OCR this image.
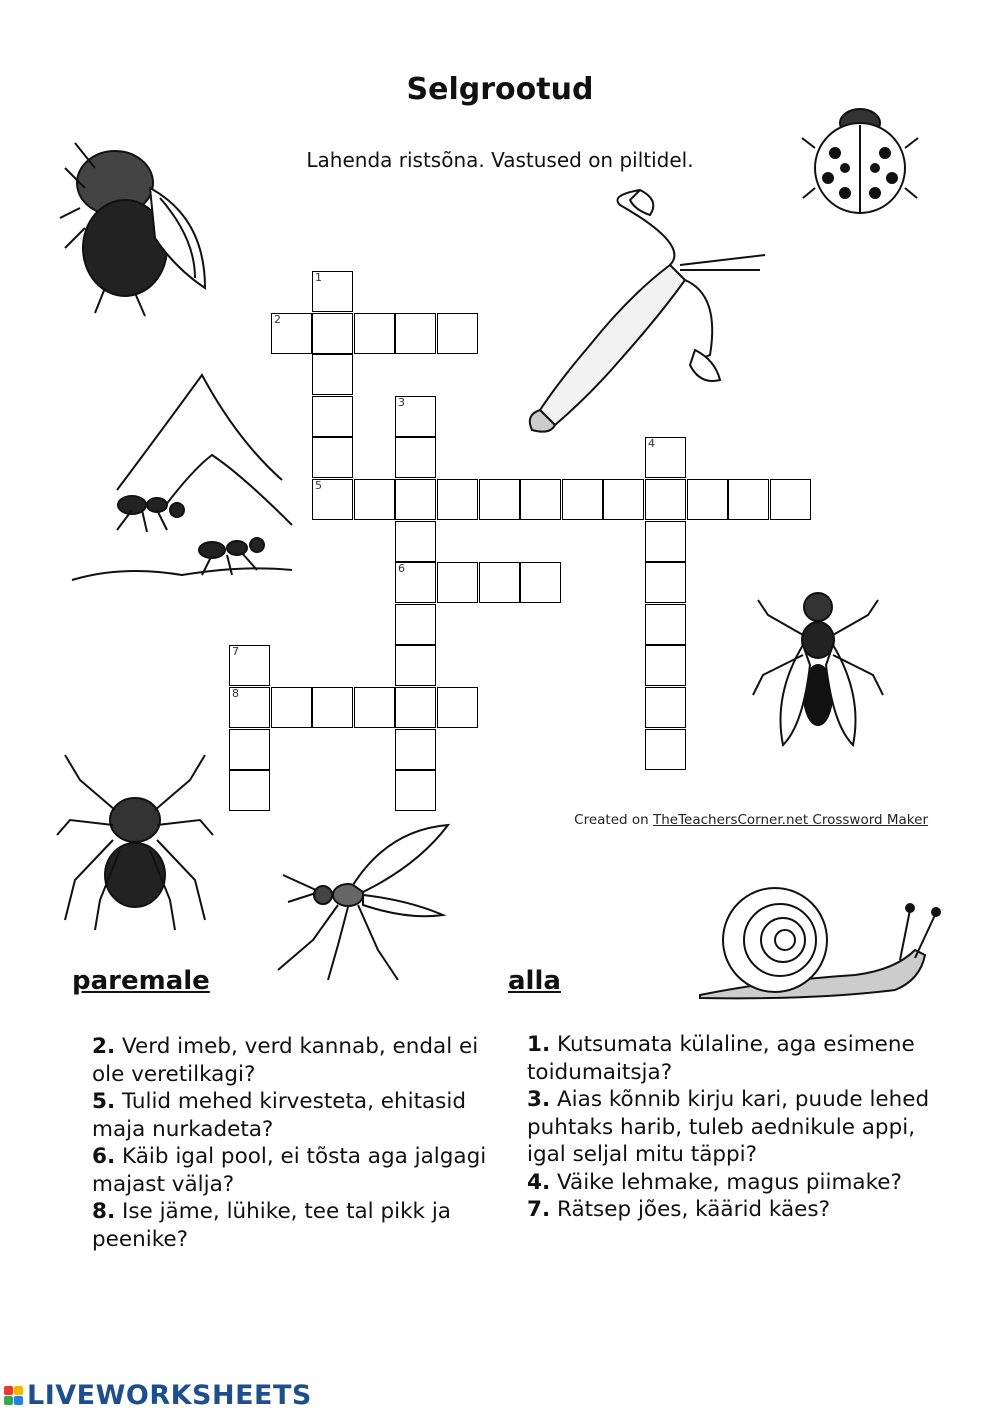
Selgrootud
Lahenda ristsõna. Vastused on piltidel.
1
2
3
6
4
5
7
8
Created on TheTeachersCorner.net Crossword Maker
paremale	alla

2. Verd imeb, verd kannab, endal ei ole veretilkagi?

5. Tulid mehed kirvesteta, ehitasid maja nurkadeta?

6. Käib igal pool, ei tõsta aga jalgagi majast välja?

8. Ise jäme, lühike, tee tal pikk ja peenike?

1. Kutsumata külaline, aga esimene toidumaitsja?

3. Aias kõnnib kirju kari, puude lehed puhtaks harib, tuleb aednikule appi, igal seljal mitu täppi?

4. Väike lehmake, magus piimake?

7. Rätsep jões, käärid käes?

LIVEWORKSHEETS
